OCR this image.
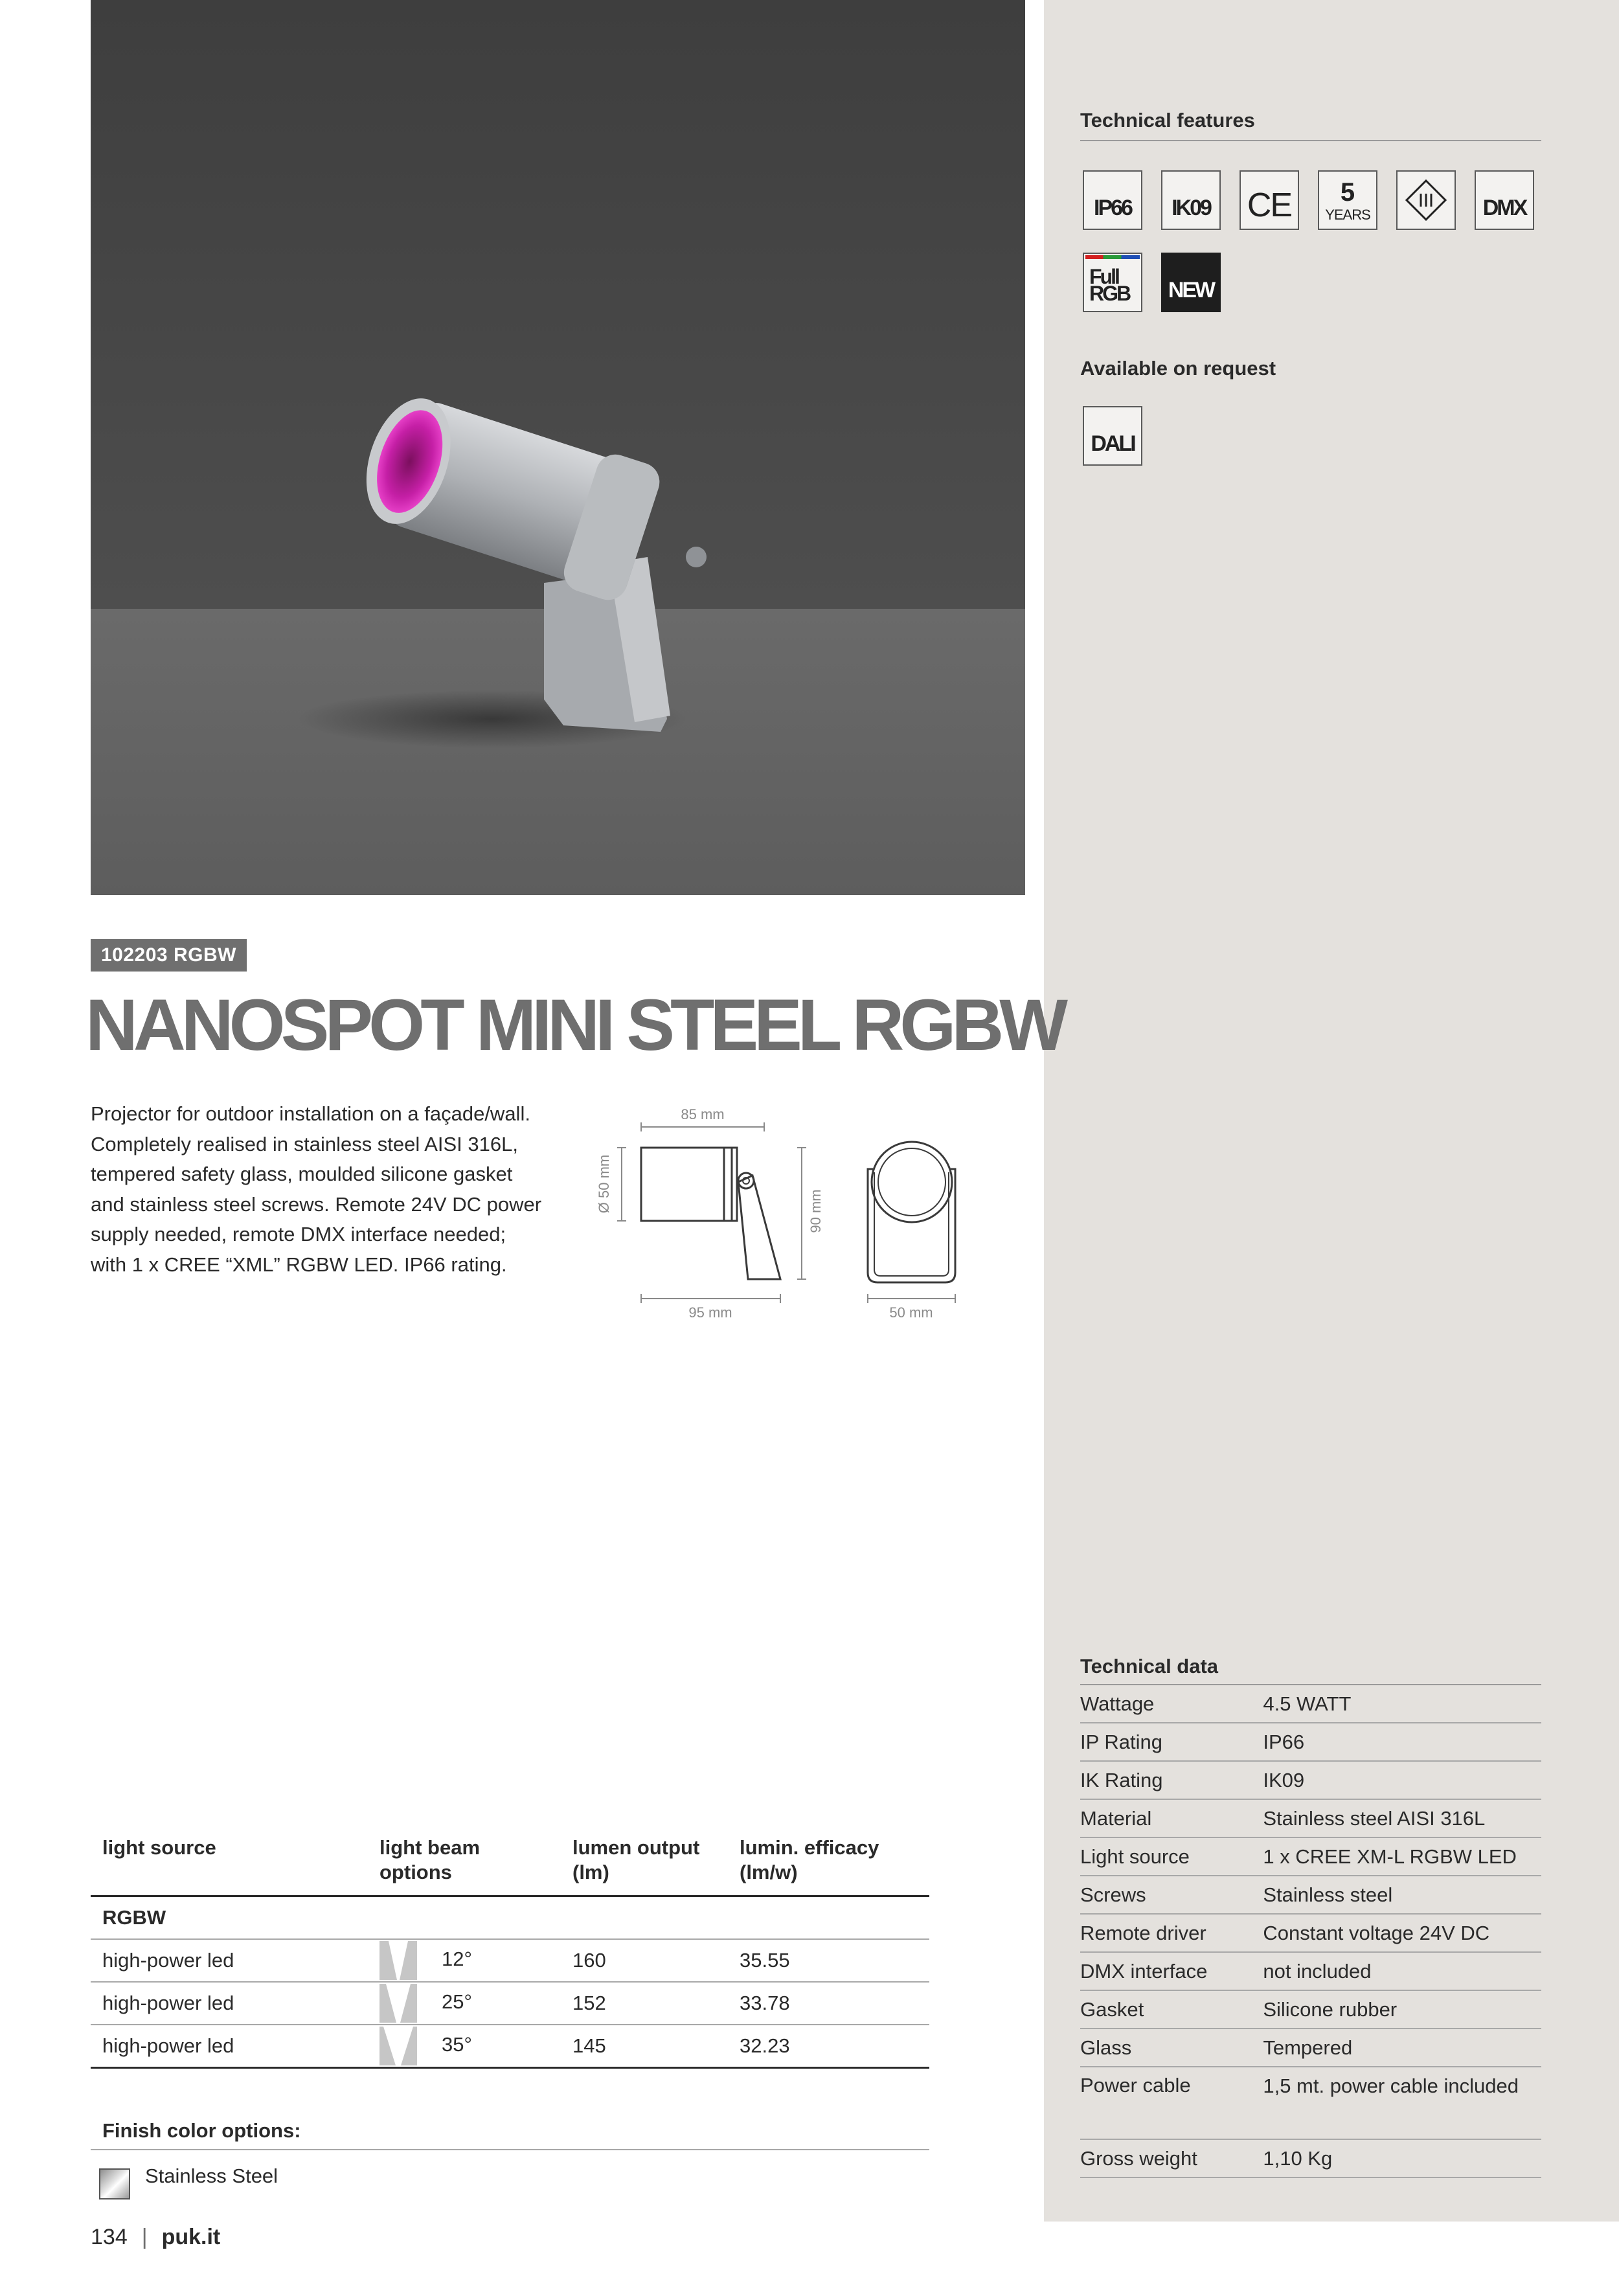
102203 RGBW
NANOSPOT MINI STEEL RGBW
Projector for outdoor installation on a façade/wall. Completely realised in stainless steel AISI 316L, tempered safety glass, moulded silicone gasket and stainless steel screws. Remote 24V DC power supply needed, remote DMX interface needed; with 1 x CREE “XML” RGBW LED. IP66 rating.
85 mm
Ø 50 mm	90 mm
95 mm	50 mm
Technical features
IP66	IK09 CE	5
YEARS	DMX
Full RGB NEW
Available on request
DALI
Technical data
Wattage	4.5 WATT
IP Rating	IP66
IK Rating	IK09
Material	Stainless steel AISI 316L
Light source	1 x CREE XM-L RGBW LED
Screws	Stainless steel
Remote driver	Constant voltage 24V DC
DMX interface	not included
Gasket	Silicone rubber
Glass	Tempered
Power cable	1,5 mt. power cable included
Gross weight	1,10 Kg
light source	light beam options	lumen output (lm)	lumin. efficacy (lm/w)
RGBW			
high-power led	12°	160	35.55
high-power led	25°	152	33.78
high-power led	35°	145	32.23
Finish color options:
Stainless Steel
134 | puk.it
